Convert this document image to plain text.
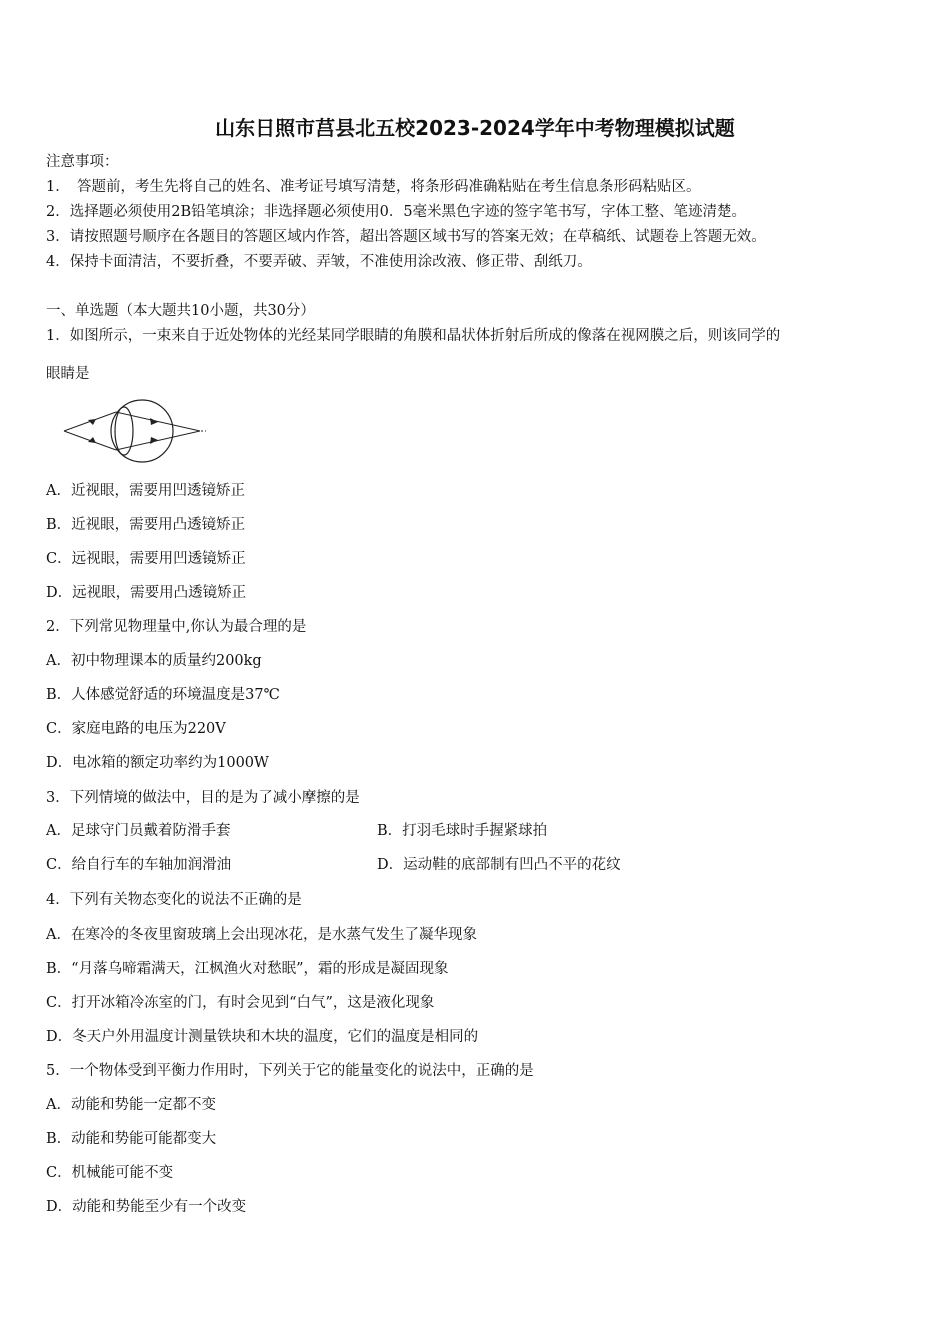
山东日照市莒县北五校2023-2024学年中考物理模拟试题
注意事项：
1．　答题前，考生先将自己的姓名、准考证号填写清楚，将条形码准确粘贴在考生信息条形码粘贴区。
2．选择题必须使用2B铅笔填涂；非选择题必须使用0．5毫米黑色字迹的签字笔书写，字体工整、笔迹清楚。
3．请按照题号顺序在各题目的答题区域内作答，超出答题区域书写的答案无效；在草稿纸、试题卷上答题无效。
4．保持卡面清洁，不要折叠，不要弄破、弄皱，不准使用涂改液、修正带、刮纸刀。
一、单选题（本大题共10小题，共30分）
1．如图所示，一束来自于近处物体的光经某同学眼睛的角膜和晶状体折射后所成的像落在视网膜之后，则该同学的
眼睛是
A．近视眼，需要用凹透镜矫正
B．近视眼，需要用凸透镜矫正
C．远视眼，需要用凹透镜矫正
D．远视眼，需要用凸透镜矫正
2．下列常见物理量中,你认为最合理的是
A．初中物理课本的质量约200kg
B．人体感觉舒适的环境温度是37℃
C．家庭电路的电压为220V
D．电冰箱的额定功率约为1000W
3．下列情境的做法中，目的是为了减小摩擦的是
A．足球守门员戴着防滑手套	B．打羽毛球时手握紧球拍
C．给自行车的车轴加润滑油	D．运动鞋的底部制有凹凸不平的花纹
4．下列有关物态变化的说法不正确的是
A．在寒冷的冬夜里窗玻璃上会出现冰花，是水蒸气发生了凝华现象
B．“月落乌啼霜满天，江枫渔火对愁眠”，霜的形成是凝固现象
C．打开冰箱冷冻室的门，有时会见到“白气”，这是液化现象
D．冬天户外用温度计测量铁块和木块的温度，它们的温度是相同的
5．一个物体受到平衡力作用时，下列关于它的能量变化的说法中，正确的是
A．动能和势能一定都不变
B．动能和势能可能都变大
C．机械能可能不变
D．动能和势能至少有一个改变
